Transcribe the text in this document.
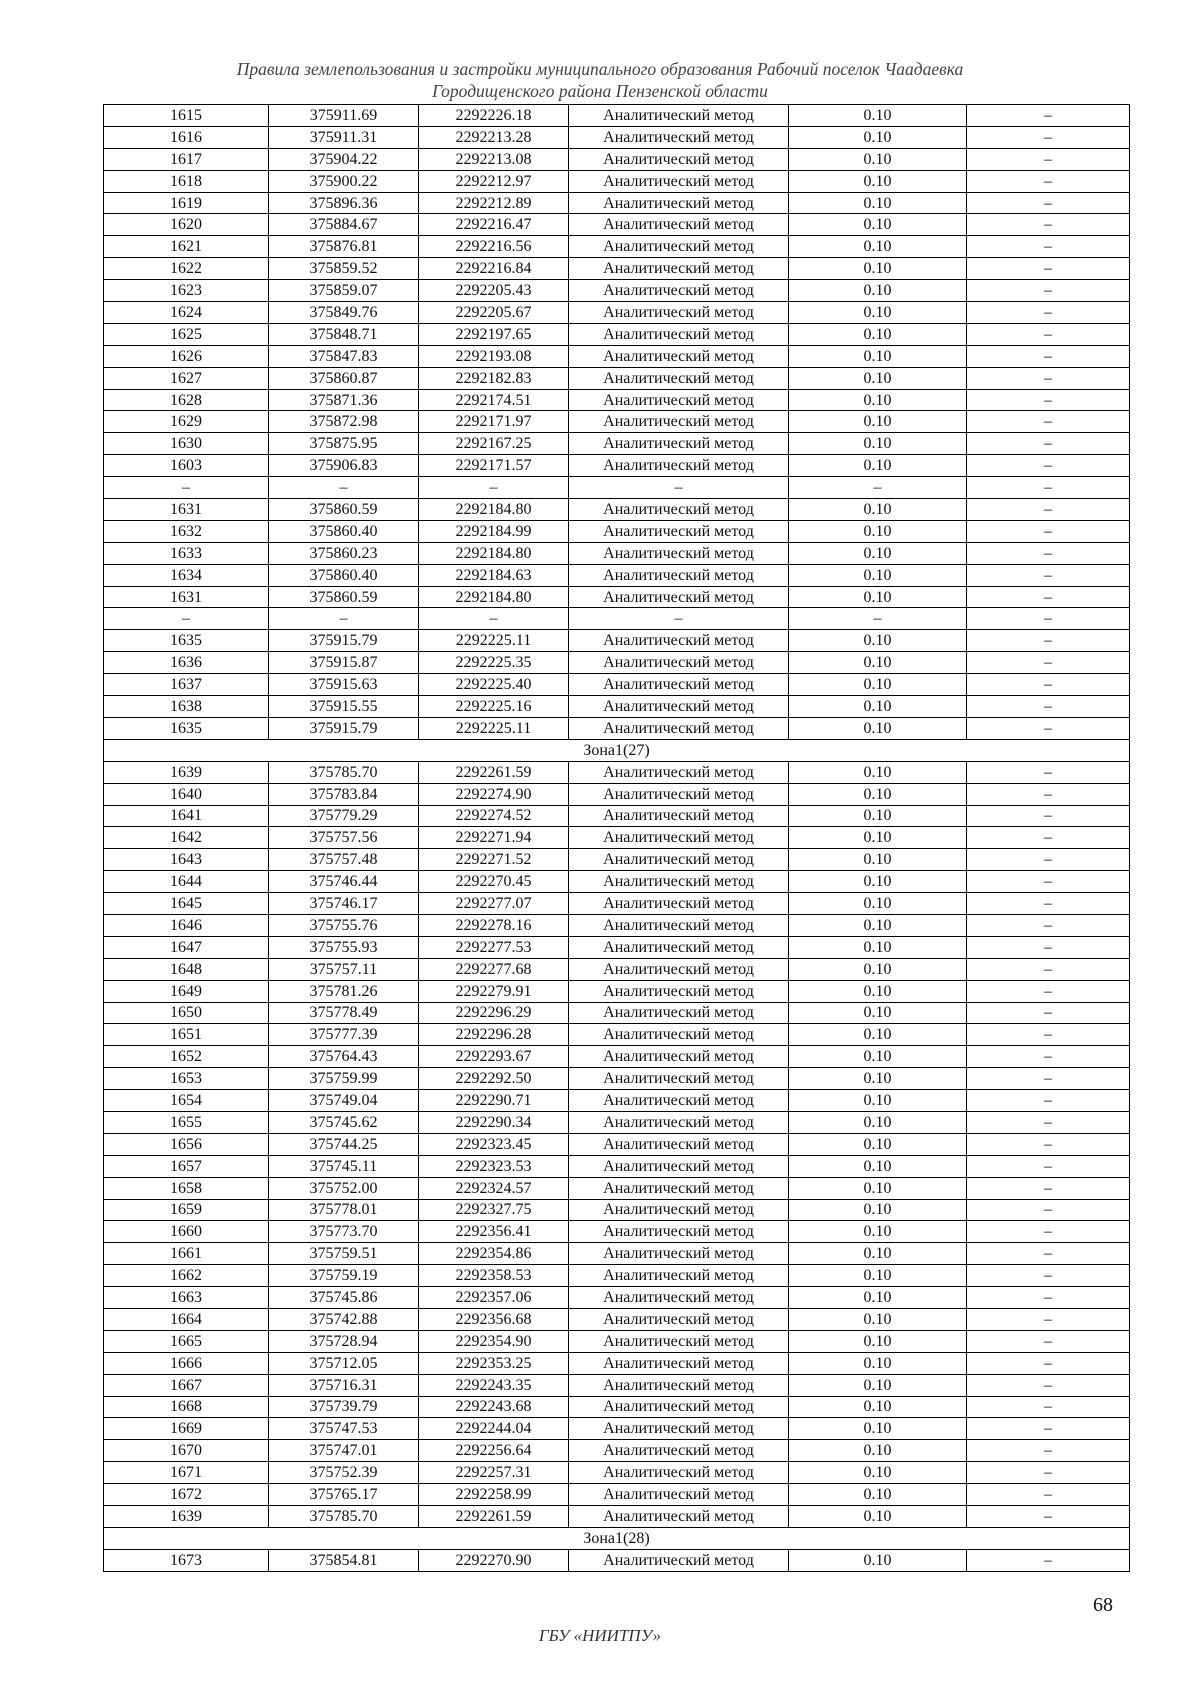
Правила землепользования и застройки муниципального образования Рабочий поселок Чаадаевка
Городищенского района Пензенской области
1615	375911.69	2292226.18	Аналитический метод	0.10	–
1616	375911.31	2292213.28	Аналитический метод	0.10	–
1617	375904.22	2292213.08	Аналитический метод	0.10	–
1618	375900.22	2292212.97	Аналитический метод	0.10	–
1619	375896.36	2292212.89	Аналитический метод	0.10	–
1620	375884.67	2292216.47	Аналитический метод	0.10	–
1621	375876.81	2292216.56	Аналитический метод	0.10	–
1622	375859.52	2292216.84	Аналитический метод	0.10	–
1623	375859.07	2292205.43	Аналитический метод	0.10	–
1624	375849.76	2292205.67	Аналитический метод	0.10	–
1625	375848.71	2292197.65	Аналитический метод	0.10	–
1626	375847.83	2292193.08	Аналитический метод	0.10	–
1627	375860.87	2292182.83	Аналитический метод	0.10	–
1628	375871.36	2292174.51	Аналитический метод	0.10	–
1629	375872.98	2292171.97	Аналитический метод	0.10	–
1630	375875.95	2292167.25	Аналитический метод	0.10	–
1603	375906.83	2292171.57	Аналитический метод	0.10	–
–	–	–	–	–	–
1631	375860.59	2292184.80	Аналитический метод	0.10	–
1632	375860.40	2292184.99	Аналитический метод	0.10	–
1633	375860.23	2292184.80	Аналитический метод	0.10	–
1634	375860.40	2292184.63	Аналитический метод	0.10	–
1631	375860.59	2292184.80	Аналитический метод	0.10	–
–	–	–	–	–	–
1635	375915.79	2292225.11	Аналитический метод	0.10	–
1636	375915.87	2292225.35	Аналитический метод	0.10	–
1637	375915.63	2292225.40	Аналитический метод	0.10	–
1638	375915.55	2292225.16	Аналитический метод	0.10	–
1635	375915.79	2292225.11	Аналитический метод	0.10	–
Зона1(27)					
1639	375785.70	2292261.59	Аналитический метод	0.10	–
1640	375783.84	2292274.90	Аналитический метод	0.10	–
1641	375779.29	2292274.52	Аналитический метод	0.10	–
1642	375757.56	2292271.94	Аналитический метод	0.10	–
1643	375757.48	2292271.52	Аналитический метод	0.10	–
1644	375746.44	2292270.45	Аналитический метод	0.10	–
1645	375746.17	2292277.07	Аналитический метод	0.10	–
1646	375755.76	2292278.16	Аналитический метод	0.10	–
1647	375755.93	2292277.53	Аналитический метод	0.10	–
1648	375757.11	2292277.68	Аналитический метод	0.10	–
1649	375781.26	2292279.91	Аналитический метод	0.10	–
1650	375778.49	2292296.29	Аналитический метод	0.10	–
1651	375777.39	2292296.28	Аналитический метод	0.10	–
1652	375764.43	2292293.67	Аналитический метод	0.10	–
1653	375759.99	2292292.50	Аналитический метод	0.10	–
1654	375749.04	2292290.71	Аналитический метод	0.10	–
1655	375745.62	2292290.34	Аналитический метод	0.10	–
1656	375744.25	2292323.45	Аналитический метод	0.10	–
1657	375745.11	2292323.53	Аналитический метод	0.10	–
1658	375752.00	2292324.57	Аналитический метод	0.10	–
1659	375778.01	2292327.75	Аналитический метод	0.10	–
1660	375773.70	2292356.41	Аналитический метод	0.10	–
1661	375759.51	2292354.86	Аналитический метод	0.10	–
1662	375759.19	2292358.53	Аналитический метод	0.10	–
1663	375745.86	2292357.06	Аналитический метод	0.10	–
1664	375742.88	2292356.68	Аналитический метод	0.10	–
1665	375728.94	2292354.90	Аналитический метод	0.10	–
1666	375712.05	2292353.25	Аналитический метод	0.10	–
1667	375716.31	2292243.35	Аналитический метод	0.10	–
1668	375739.79	2292243.68	Аналитический метод	0.10	–
1669	375747.53	2292244.04	Аналитический метод	0.10	–
1670	375747.01	2292256.64	Аналитический метод	0.10	–
1671	375752.39	2292257.31	Аналитический метод	0.10	–
1672	375765.17	2292258.99	Аналитический метод	0.10	–
1639	375785.70	2292261.59	Аналитический метод	0.10	–
Зона1(28)					
1673	375854.81	2292270.90	Аналитический метод	0.10	–
68
ГБУ «НИИТПУ»
